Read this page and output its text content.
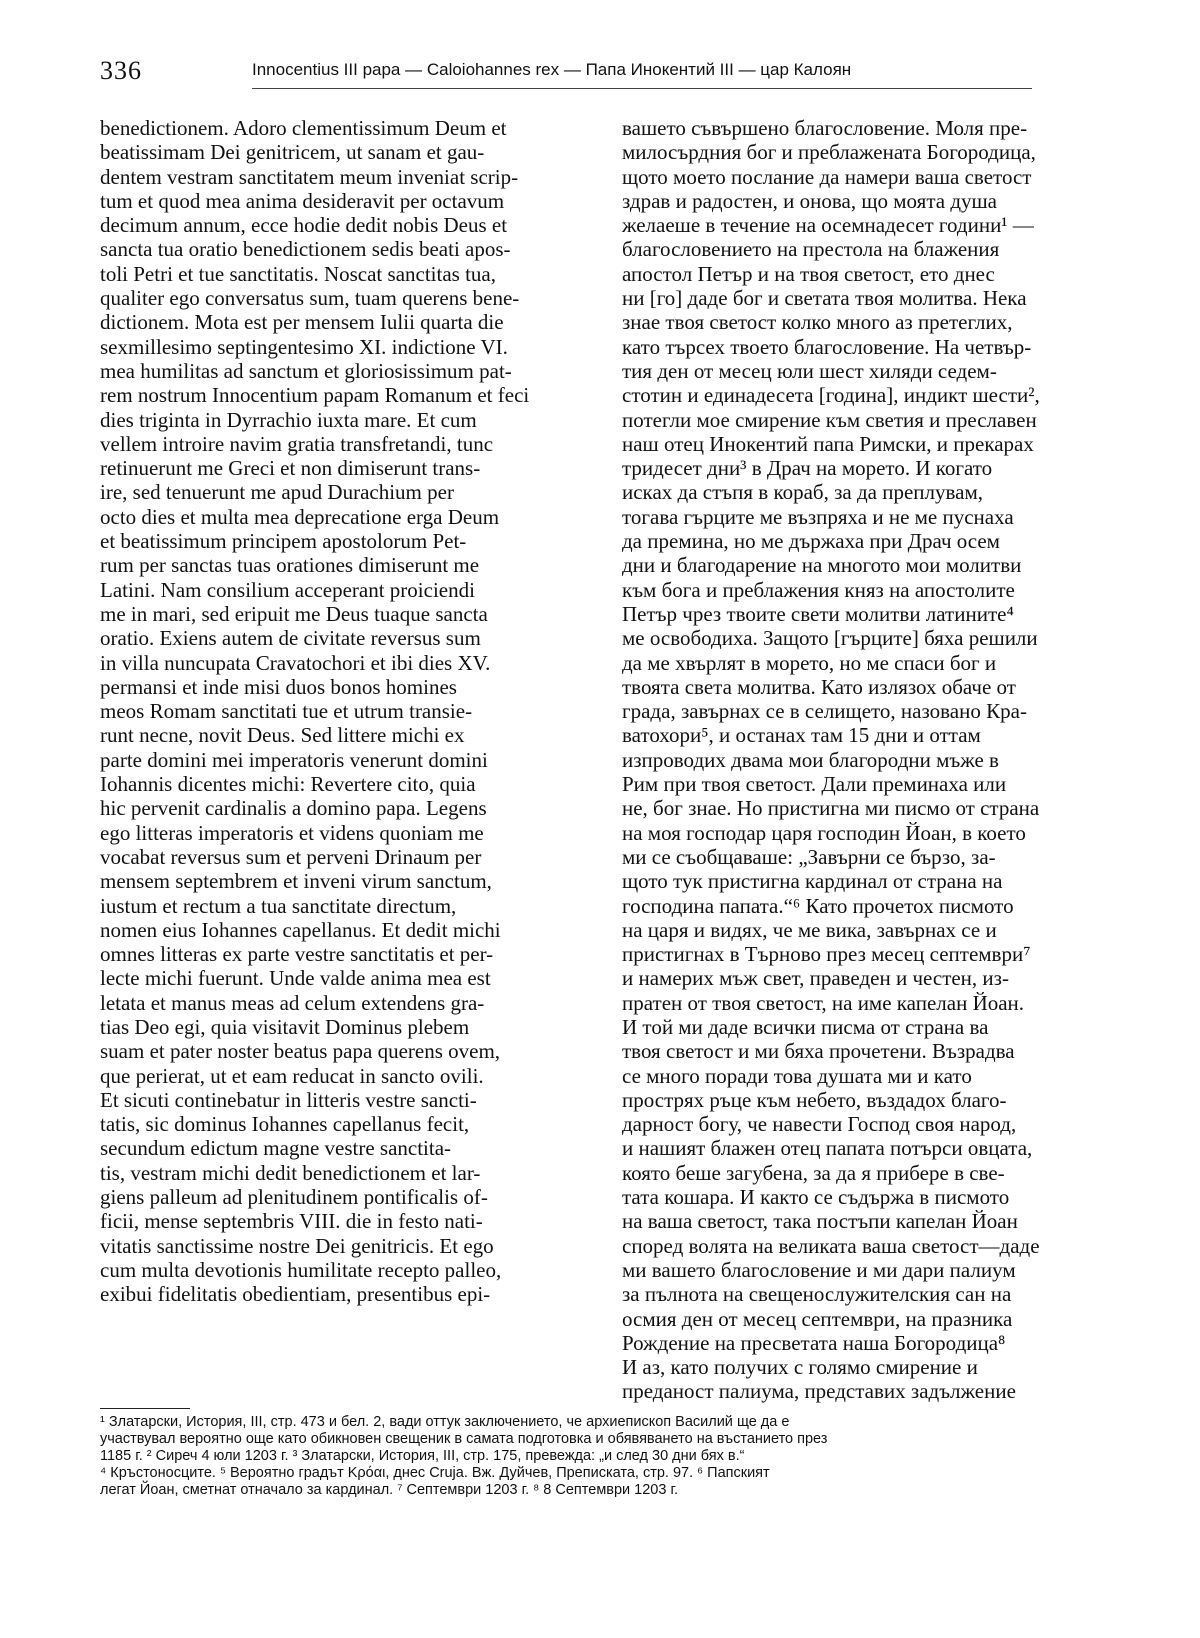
336	Innocentius III papa — Caloiohannes rex — Папа Инокентий III — цар Калоян
benedictionem. Adoro clementissimum Deum et
beatissimam Dei genitricem, ut sanam et gau-
dentem vestram sanctitatem meum inveniat scrip-
tum et quod mea anima desideravit per octavum
decimum annum, ecce hodie dedit nobis Deus et
sancta tua oratio benedictionem sedis beati apos-
toli Petri et tue sanctitatis. Noscat sanctitas tua,
qualiter ego conversatus sum, tuam querens bene-
dictionem. Mota est per mensem Iulii quarta die
sexmillesimo septingentesimo XI. indictione VI.
mea humilitas ad sanctum et gloriosissimum pat-
rem nostrum Innocentium papam Romanum et feci
dies triginta in Dyrrachio iuxta mare. Et cum
vellem introire navim gratia transfretandi, tunc
retinuerunt me Greci et non dimiserunt trans-
ire, sed tenuerunt me apud Durachium per
octo dies et multa mea deprecatione erga Deum
et beatissimum principem apostolorum Pet-
rum per sanctas tuas orationes dimiserunt me
Latini. Nam consilium acceperant proiciendi
me in mari, sed eripuit me Deus tuaque sancta
oratio. Exiens autem de civitate reversus sum
in villa nuncupata Cravatochori et ibi dies XV.
permansi et inde misi duos bonos homines
meos Romam sanctitati tue et utrum transie-
runt necne, novit Deus. Sed littere michi ex
parte domini mei imperatoris venerunt domini
Iohannis dicentes michi: Revertere cito, quia
hic pervenit cardinalis a domino papa. Legens
ego litteras imperatoris et videns quoniam me
vocabat reversus sum et perveni Drinaum per
mensem septembrem et inveni virum sanctum,
iustum et rectum a tua sanctitate directum,
nomen eius Iohannes capellanus. Et dedit michi
omnes litteras ex parte vestre sanctitatis et per-
lecte michi fuerunt. Unde valde anima mea est
letata et manus meas ad celum extendens gra-
tias Deo egi, quia visitavit Dominus plebem
suam et pater noster beatus papa querens ovem,
que perierat, ut et eam reducat in sancto ovili.
Et sicuti continebatur in litteris vestre sancti-
tatis, sic dominus Iohannes capellanus fecit,
secundum edictum magne vestre sanctita-
tis, vestram michi dedit benedictionem et lar-
giens palleum ad plenitudinem pontificalis of-
ficii, mense septembris VIII. die in festo nati-
vitatis sanctissime nostre Dei genitricis. Et ego
cum multa devotionis humilitate recepto palleo,
exibui fidelitatis obedientiam, presentibus epi-
вашето съвършено благословение. Моля пре-
милосърдния бог и преблажената Богородица,
щото моето послание да намери ваша светост
здрав и радостен, и онова, що моята душа
желаеше в течение на осемнадесет години¹ —
благословението на престола на блажения
апостол Петър и на твоя светост, ето днес
ни [го] даде бог и светата твоя молитва. Нека
знае твоя светост колко много аз претеглих,
като търсех твоето благословение. На четвър-
тия ден от месец юли шест хиляди седем-
стотин и единадесета [година], индикт шести²,
потегли мое смирение към светия и преславен
наш отец Инокентий папа Римски, и прекарах
тридесет дни³ в Драч на морето. И когато
исках да стъпя в кораб, за да преплувам,
тогава гърците ме възпряха и не ме пуснаха
да премина, но ме държаха при Драч осем
дни и благодарение на многото мои молитви
към бога и преблажения княз на апостолите
Петър чрез твоите свети молитви латините⁴
ме освободиха. Защото [гърците] бяха решили
да ме хвърлят в морето, но ме спаси бог и
твоята света молитва. Като излязох обаче от
града, завърнах се в селището, назовано Кра-
ватохори⁵, и останах там 15 дни и оттам
изпроводих двама мои благородни мъже в
Рим при твоя светост. Дали преминаха или
не, бог знае. Но пристигна ми писмо от страна
на моя господар царя господин Йоан, в което
ми се съобщаваше: „Завърни се бързо, за-
щото тук пристигна кардинал от страна на
господина папата.“⁶ Като прочетох писмото
на царя и видях, че ме вика, завърнах се и
пристигнах в Търново през месец септември⁷
и намерих мъж свет, праведен и честен, из-
пратен от твоя светост, на име капелан Йоан.
И той ми даде всички писма от страна ва
твоя светост и ми бяха прочетени. Възрадва
се много поради това душата ми и като
прострях ръце към небето, въздадох благо-
дарност богу, че навести Господ своя народ,
и нашият блажен отец папата потърси овцата,
която беше загубена, за да я прибере в све-
тата кошара. И както се съдържа в писмото
на ваша светост, така постъпи капелан Йоан
според волята на великата ваша светост—даде
ми вашето благословение и ми дари палиум
за пълнота на свещенослужителския сан на
осмия ден от месец септември, на празника
Рождение на пресветата наша Богородица⁸
И аз, като получих с голямо смирение и
преданост палиума, представих задължение
¹ Златарски, История, III, стр. 473 и бел. 2, вади оттук заключението, че архиепископ Василий ще да е
участвувал вероятно още като обикновен свещеник в самата подготовка и обявяването на въстанието през
1185 г. ² Сиреч 4 юли 1203 г. ³ Златарски, История, III, стр. 175, превежда: „и след 30 дни бях в.“
⁴ Кръстоносците. ⁵ Вероятно градът Κρόαι, днес Cruja. Вж. Дуйчев, Преписката, стр. 97. ⁶ Папският
легат Йоан, сметнат отначало за кардинал. ⁷ Септември 1203 г. ⁸ 8 Септември 1203 г.
